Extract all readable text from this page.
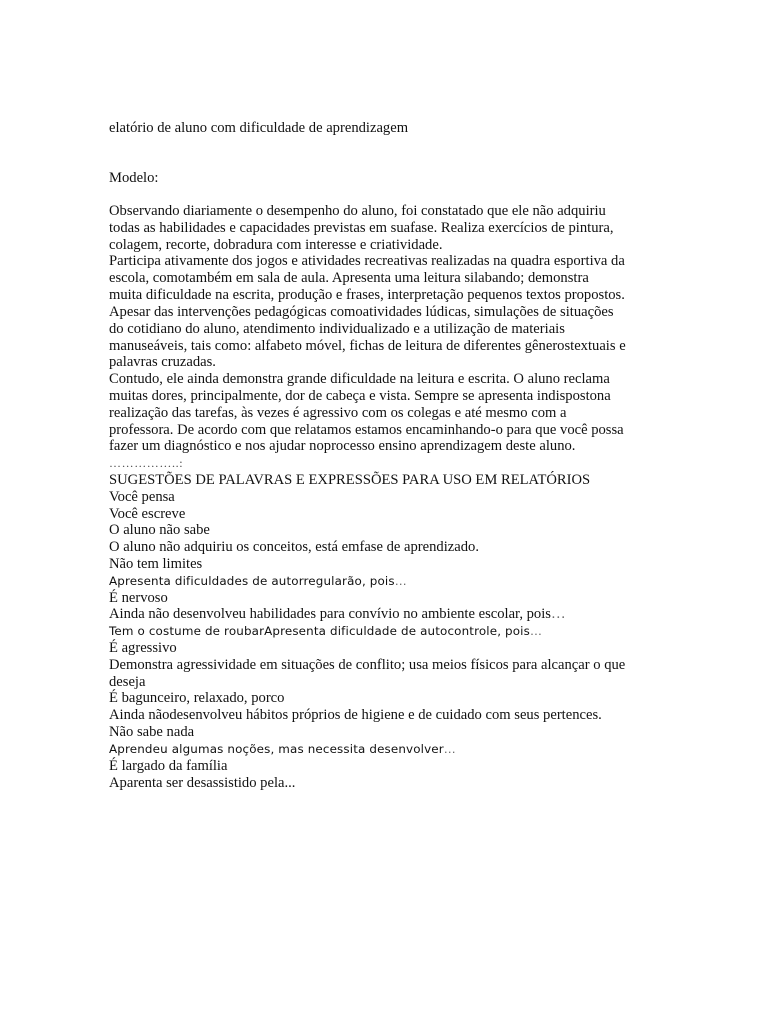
elatório de aluno com dificuldade de aprendizagem

Modelo:

Observando diariamente o desempenho do aluno, foi constatado que ele não adquiriu

todas as habilidades e capacidades previstas em suafase. Realiza exercícios de pintura,

colagem, recorte, dobradura com interesse e criatividade.

Participa ativamente dos jogos e atividades recreativas realizadas na quadra esportiva da

escola, comotambém em sala de aula. Apresenta uma leitura silabando; demonstra

muita dificuldade na escrita, produção e frases, interpretação pequenos textos propostos.

Apesar das intervenções pedagógicas comoatividades lúdicas, simulações de situações

do cotidiano do aluno, atendimento individualizado e a utilização de materiais

manuseáveis, tais como: alfabeto móvel, fichas de leitura de diferentes gênerostextuais e

palavras cruzadas.

Contudo, ele ainda demonstra grande dificuldade na leitura e escrita. O aluno reclama

muitas dores, principalmente, dor de cabeça e vista. Sempre se apresenta indispostona

realização das tarefas, às vezes é agressivo com os colegas e até mesmo com a

professora. De acordo com que relatamos estamos encaminhando-o para que você possa

fazer um diagnóstico e nos ajudar noprocesso ensino aprendizagem deste aluno.

……………..:

SUGESTÕES DE PALAVRAS E EXPRESSÕES PARA USO EM RELATÓRIOS

Você pensa

Você escreve

O aluno não sabe

O aluno não adquiriu os conceitos, está emfase de aprendizado.

Não tem limites

Apresenta dificuldades de autorregularão, pois…

É nervoso

Ainda não desenvolveu habilidades para convívio no ambiente escolar, pois…

Tem o costume de roubarApresenta dificuldade de autocontrole, pois…

É agressivo

Demonstra agressividade em situações de conflito; usa meios físicos para alcançar o que

deseja

É bagunceiro, relaxado, porco

Ainda nãodesenvolveu hábitos próprios de higiene e de cuidado com seus pertences.

Não sabe nada

Aprendeu algumas noções, mas necessita desenvolver…

É largado da família

Aparenta ser desassistido pela...
